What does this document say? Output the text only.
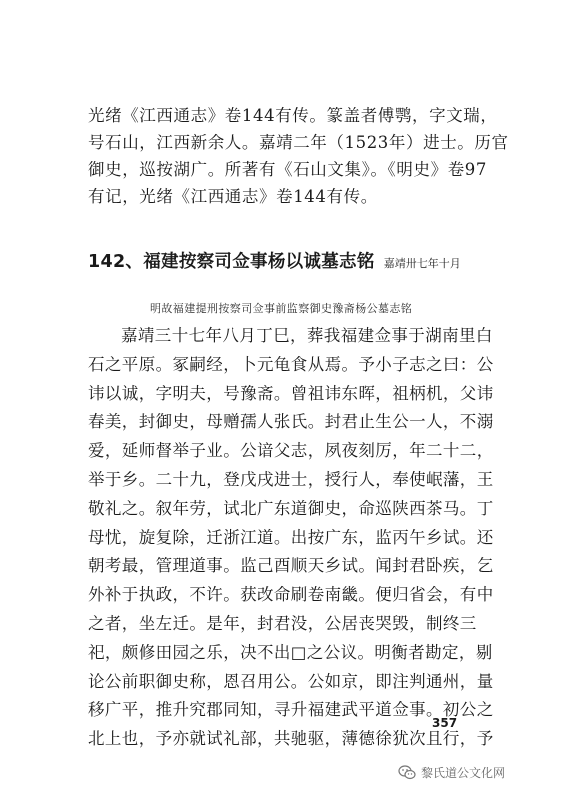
光绪《江西通志》卷144有传。篆盖者傅鹗，字文瑞，
号石山，江西新余人。嘉靖二年（1523年）进士。历官
御史，巡按湖广。所著有《石山文集》。《明史》卷97
有记，光绪《江西通志》卷144有传。
142、福建按察司佥事杨以诚墓志铭 嘉靖卅七年十月
明故福建提刑按察司佥事前监察御史豫斋杨公墓志铭
嘉靖三十七年八月丁巳，葬我福建佥事于湖南里白
石之平原。冢嗣经，卜元龟食从焉。予小子志之曰：公
讳以诚，字明夫，号豫斋。曾祖讳东晖，祖柄机，父讳
春美，封御史，母赠孺人张氏。封君止生公一人，不溺
爱，延师督举子业。公谙父志，夙夜刻厉，年二十二，
举于乡。二十九，登戊戌进士，授行人，奉使岷藩，王
敬礼之。叙年劳，试北广东道御史，命巡陕西茶马。丁
母忧，旋复除，迁浙江道。出按广东，监丙午乡试。还
朝考最，管理道事。监己酉顺天乡试。闻封君卧疾，乞
外补于执政，不许。获改命刷卷南畿。便归省会，有中
之者，坐左迁。是年，封君没，公居丧哭毁，制终三
祀，颇修田园之乐，决不出□之公议。明衡者勘定，剔
论公前职御史称，恩召用公。公如京，即注判通州，量
移广平，推升究郡同知，寻升福建武平道佥事。初公之
北上也，予亦就试礼部，共驰驱，薄德徐犹次且行，予
357
黎氏道公文化网
